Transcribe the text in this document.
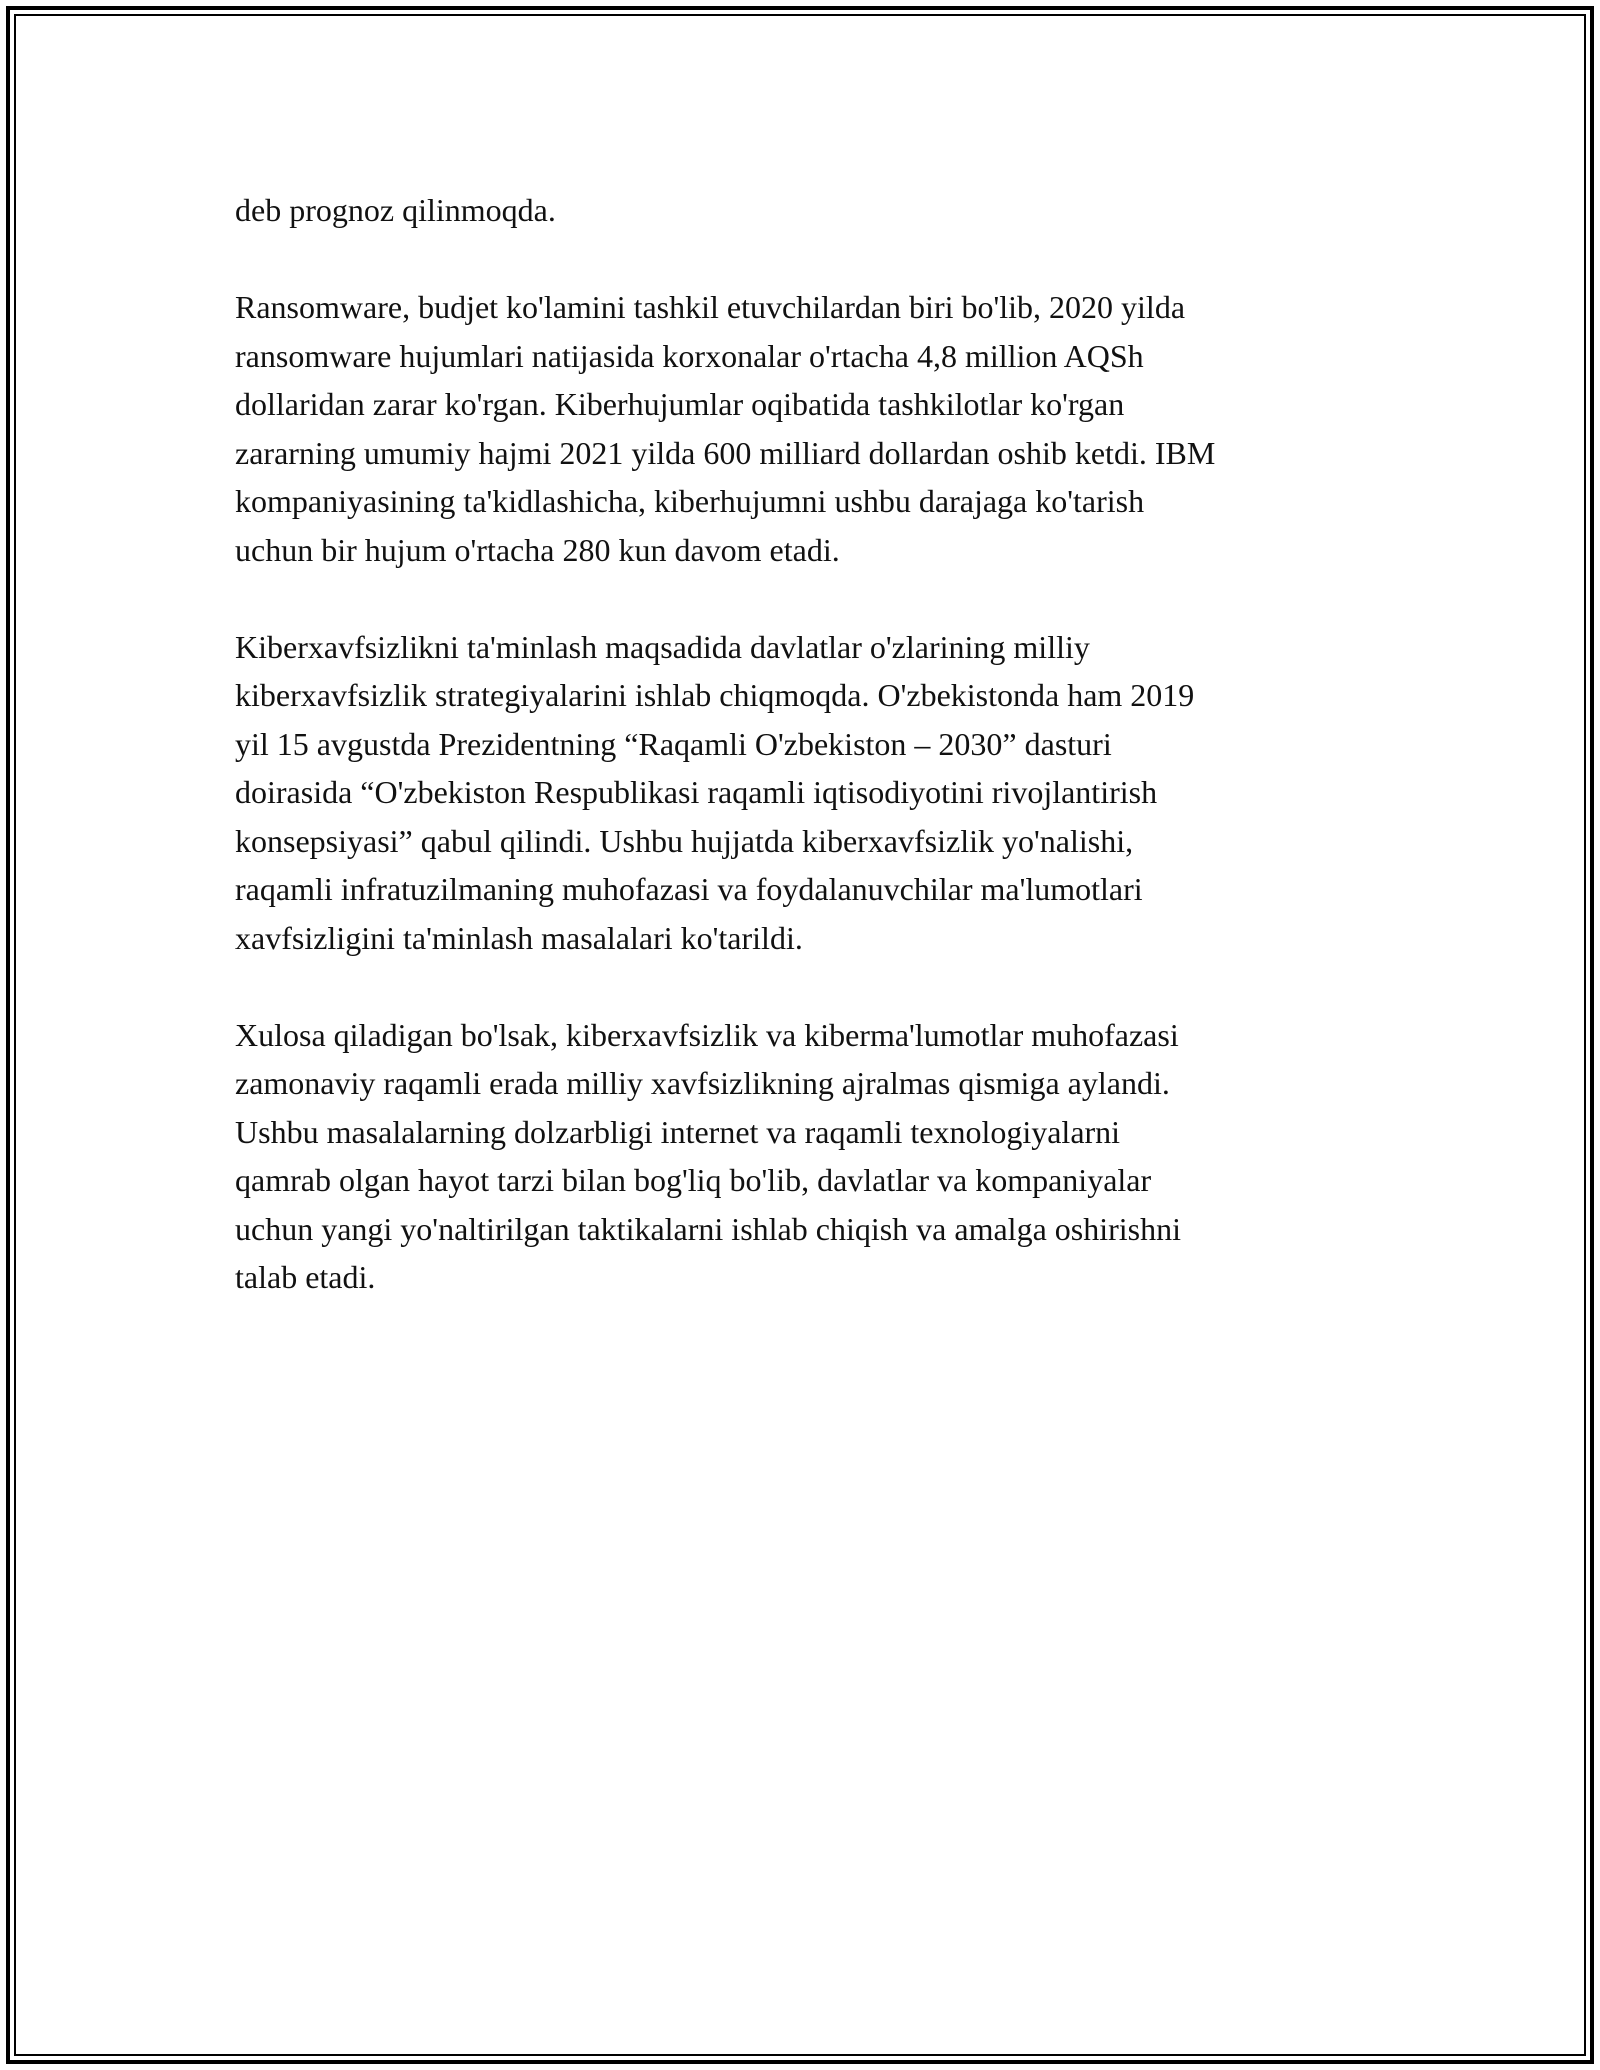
deb prognoz qilinmoqda.

Ransomware, budjet ko'lamini tashkil etuvchilardan biri bo'lib, 2020 yilda
ransomware hujumlari natijasida korxonalar o'rtacha 4,8 million AQSh
dollaridan zarar ko'rgan. Kiberhujumlar oqibatida tashkilotlar ko'rgan
zararning umumiy hajmi 2021 yilda 600 milliard dollardan oshib ketdi. IBM
kompaniyasining ta'kidlashicha, kiberhujumni ushbu darajaga ko'tarish
uchun bir hujum o'rtacha 280 kun davom etadi.

Kiberxavfsizlikni ta'minlash maqsadida davlatlar o'zlarining milliy
kiberxavfsizlik strategiyalarini ishlab chiqmoqda. O'zbekistonda ham 2019
yil 15 avgustda Prezidentning “Raqamli O'zbekiston – 2030” dasturi
doirasida “O'zbekiston Respublikasi raqamli iqtisodiyotini rivojlantirish
konsepsiyasi” qabul qilindi. Ushbu hujjatda kiberxavfsizlik yo'nalishi,
raqamli infratuzilmaning muhofazasi va foydalanuvchilar ma'lumotlari
xavfsizligini ta'minlash masalalari ko'tarildi.

Xulosa qiladigan bo'lsak, kiberxavfsizlik va kiberma'lumotlar muhofazasi
zamonaviy raqamli erada milliy xavfsizlikning ajralmas qismiga aylandi.
Ushbu masalalarning dolzarbligi internet va raqamli texnologiyalarni
qamrab olgan hayot tarzi bilan bog'liq bo'lib, davlatlar va kompaniyalar
uchun yangi yo'naltirilgan taktikalarni ishlab chiqish va amalga oshirishni
talab etadi.
